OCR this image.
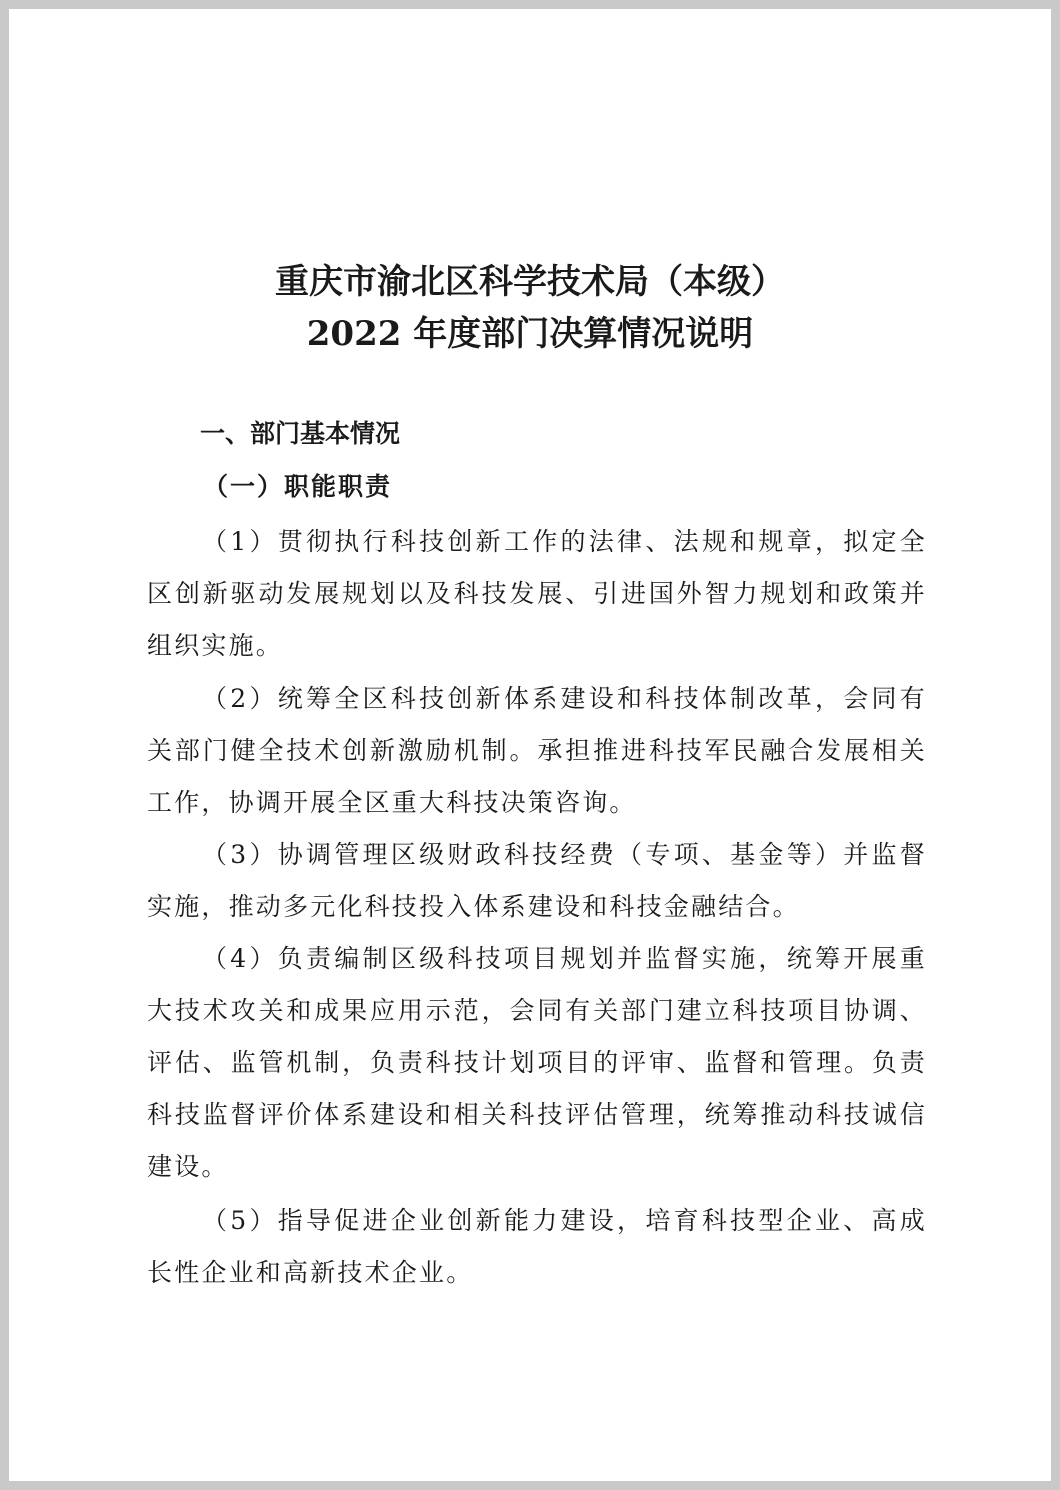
重庆市渝北区科学技术局（本级）
2022 年度部门决算情况说明
一、部门基本情况
（一）职能职责

（1）贯彻执行科技创新工作的法律、法规和规章，拟定全区创新驱动发展规划以及科技发展、引进国外智力规划和政策并组织实施。

（2）统筹全区科技创新体系建设和科技体制改革，会同有关部门健全技术创新激励机制。承担推进科技军民融合发展相关工作，协调开展全区重大科技决策咨询。

（3）协调管理区级财政科技经费（专项、基金等）并监督实施，推动多元化科技投入体系建设和科技金融结合。

（4）负责编制区级科技项目规划并监督实施，统筹开展重大技术攻关和成果应用示范，会同有关部门建立科技项目协调、评估、监管机制，负责科技计划项目的评审、监督和管理。负责科技监督评价体系建设和相关科技评估管理，统筹推动科技诚信建设。

（5）指导促进企业创新能力建设，培育科技型企业、高成长性企业和高新技术企业。
